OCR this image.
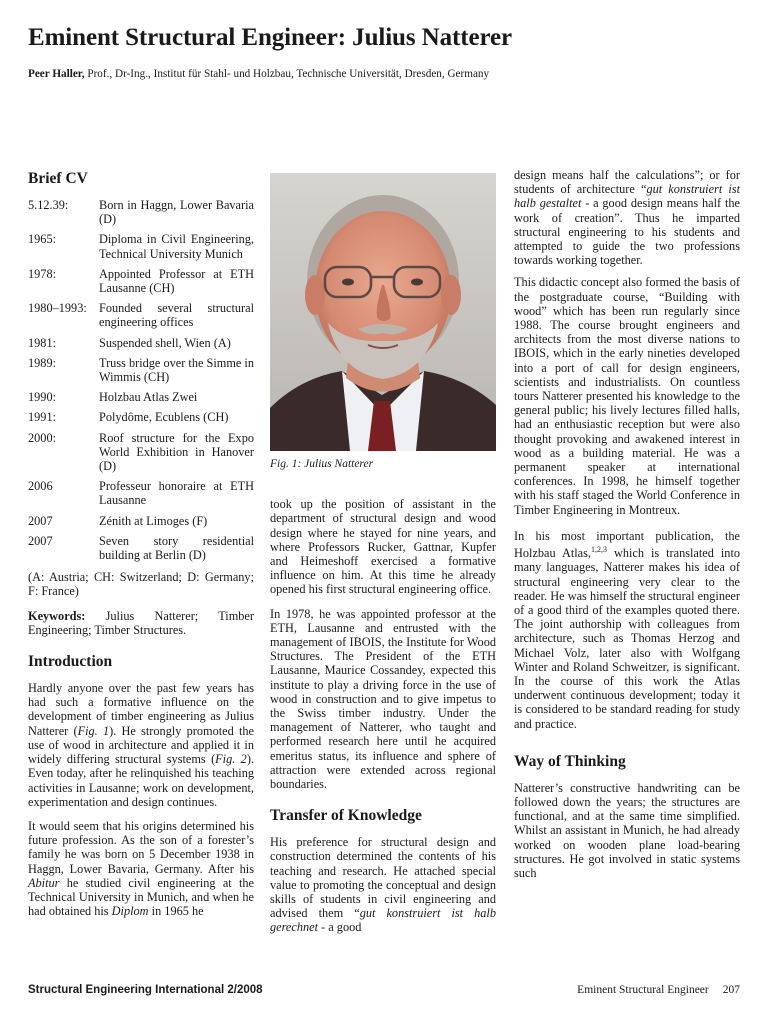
Eminent Structural Engineer: Julius Natterer
Peer Haller, Prof., Dr-Ing., Institut für Stahl- und Holzbau, Technische Universität, Dresden, Germany
Brief CV
5.12.39:	Born in Haggn, Lower Bavaria (D)
1965:	Diploma in Civil Engineering, Technical University Munich
1978:	Appointed Professor at ETH Lausanne (CH)
1980–1993: Founded several structural engineering offices
1981:	Suspended shell, Wien (A)
1989:	Truss bridge over the Simme in Wimmis (CH)
1990:	Holzbau Atlas Zwei
1991:	Polydôme, Ecublens (CH)
2000:	Roof structure for the Expo World Exhibition in Hanover (D)
2006	Professeur honoraire at ETH Lausanne
2007	Zénith at Limoges (F)
2007	Seven story residential building at Berlin (D)

(A: Austria; CH: Switzerland; D: Germany; F: France)

Keywords: Julius Natterer; Timber Engineering; Timber Structures.

Introduction

Hardly anyone over the past few years has had such a formative influence on the development of timber engineering as Julius Natterer (Fig. 1). He strongly promoted the use of wood in architecture and applied it in widely differing structural systems (Fig. 2). Even today, after he relinquished his teaching activities in Lausanne; work on development, experimentation and design continues.

It would seem that his origins determined his future profession. As the son of a forester’s family he was born on 5 December 1938 in Haggn, Lower Bavaria, Germany. After his Abitur he studied civil engineering at the Technical University in Munich, and when he had obtained his Diplom in 1965 he

Fig. 1: Julius Natterer

took up the position of assistant in the department of structural design and wood design where he stayed for nine years, and where Professors Rucker, Gattnar, Kupfer and Heimeshoff exercised a formative influence on him. At this time he already opened his first structural engineering office.

In 1978, he was appointed professor at the ETH, Lausanne and entrusted with the management of IBOIS, the Institute for Wood Structures. The President of the ETH Lausanne, Maurice Cossandey, expected this institute to play a driving force in the use of wood in construction and to give impetus to the Swiss timber industry. Under the management of Natterer, who taught and performed research here until he acquired emeritus status, its influence and sphere of attraction were extended across regional boundaries.

Transfer of Knowledge

His preference for structural design and construction determined the contents of his teaching and research. He attached special value to promoting the conceptual and design skills of students in civil engineering and advised them “gut konstruiert ist halb gerechnet - a good

design means half the calculations”; or for students of architecture “gut konstruiert ist halb gestaltet - a good design means half the work of creation”. Thus he imparted structural engineering to his students and attempted to guide the two professions towards working together.

This didactic concept also formed the basis of the postgraduate course, “Building with wood” which has been run regularly since 1988. The course brought engineers and architects from the most diverse nations to IBOIS, which in the early nineties developed into a port of call for design engineers, scientists and industrialists. On countless tours Natterer presented his knowledge to the general public; his lively lectures filled halls, had an enthusiastic reception but were also thought provoking and awakened interest in wood as a building material. He was a permanent speaker at international conferences. In 1998, he himself together with his staff staged the World Conference in Timber Engineering in Montreux.

In his most important publication, the Holzbau Atlas,$^{1,2,3}$ which is translated into many languages, Natterer makes his idea of structural engineering very clear to the reader. He was himself the structural engineer of a good third of the examples quoted there. The joint authorship with colleagues from architecture, such as Thomas Herzog and Michael Volz, later also with Wolfgang Winter and Roland Schweitzer, is significant. In the course of this work the Atlas underwent continuous development; today it is considered to be standard reading for study and practice.

Way of Thinking

Natterer’s constructive handwriting can be followed down the years; the structures are functional, and at the same time simplified. Whilst an assistant in Munich, he had already worked on wooden plane load-bearing structures. He got involved in static systems such

Structural Engineering International 2/2008	Eminent Structural Engineer 207
